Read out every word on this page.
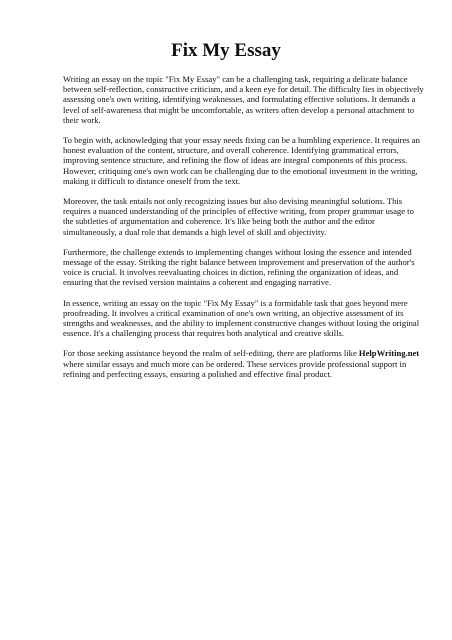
Fix My Essay

Writing an essay on the topic "Fix My Essay" can be a challenging task, requiring a delicate balance between self-reflection, constructive criticism, and a keen eye for detail. The difficulty lies in objectively assessing one's own writing, identifying weaknesses, and formulating effective solutions. It demands a level of self-awareness that might be uncomfortable, as writers often develop a personal attachment to their work.

To begin with, acknowledging that your essay needs fixing can be a humbling experience. It requires an honest evaluation of the content, structure, and overall coherence. Identifying grammatical errors, improving sentence structure, and refining the flow of ideas are integral components of this process. However, critiquing one's own work can be challenging due to the emotional investment in the writing, making it difficult to distance oneself from the text.

Moreover, the task entails not only recognizing issues but also devising meaningful solutions. This requires a nuanced understanding of the principles of effective writing, from proper grammar usage to the subtleties of argumentation and coherence. It's like being both the author and the editor simultaneously, a dual role that demands a high level of skill and objectivity.

Furthermore, the challenge extends to implementing changes without losing the essence and intended message of the essay. Striking the right balance between improvement and preservation of the author's voice is crucial. It involves reevaluating choices in diction, refining the organization of ideas, and ensuring that the revised version maintains a coherent and engaging narrative.

In essence, writing an essay on the topic "Fix My Essay" is a formidable task that goes beyond mere proofreading. It involves a critical examination of one's own writing, an objective assessment of its strengths and weaknesses, and the ability to implement constructive changes without losing the original essence. It's a challenging process that requires both analytical and creative skills.

For those seeking assistance beyond the realm of self-editing, there are platforms like HelpWriting.net where similar essays and much more can be ordered. These services provide professional support in refining and perfecting essays, ensuring a polished and effective final product.
